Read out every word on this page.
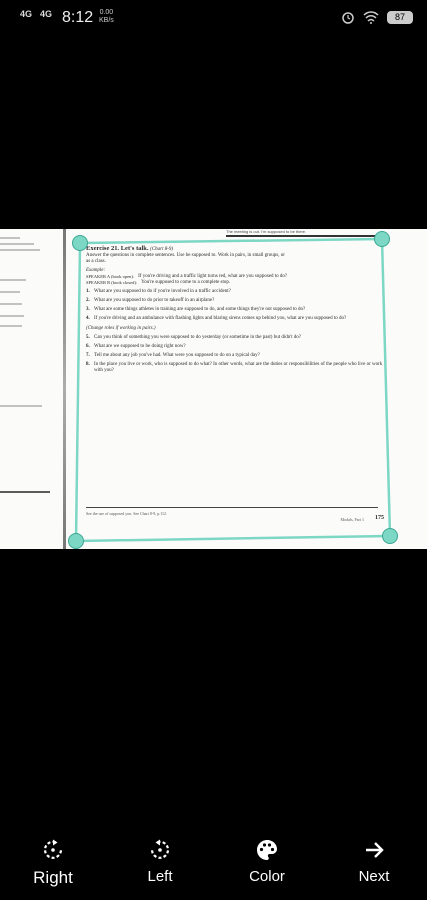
4G 4G 8:12 0.00
KB/s	87
The meeting is out. I'm supposed to be there.
Exercise 21. Let's talk. (Chart 8-9)
Answer the questions in complete sentences. Use be supposed to. Work in pairs, in small groups, or as a class.
Example:
SPEAKER A (book open): If you're driving and a traffic light turns red, what are you supposed to do?
SPEAKER B (book closed): You're supposed to come to a complete stop.
1. What are you supposed to do if you're involved in a traffic accident?
2. What are you supposed to do prior to takeoff in an airplane?
3. What are some things athletes in training are supposed to do, and some things they're not supposed to do?
4. If you're driving and an ambulance with flashing lights and blaring sirens comes up behind you, what are you supposed to do?
(Change roles if working in pairs.)
5. Can you think of something you were supposed to do yesterday (or sometime in the past) but didn't do?
6. What are we supposed to be doing right now?
7. Tell me about any job you've had. What were you supposed to do on a typical day?
8. In the place you live or work, who is supposed to do what? In other words, what are the duties or responsibilities of the people who live or work with you?
See the use of supposed you. See Chart 8-9, p.112.
Modals, Part 1 175
Right	Left	Color	Next
